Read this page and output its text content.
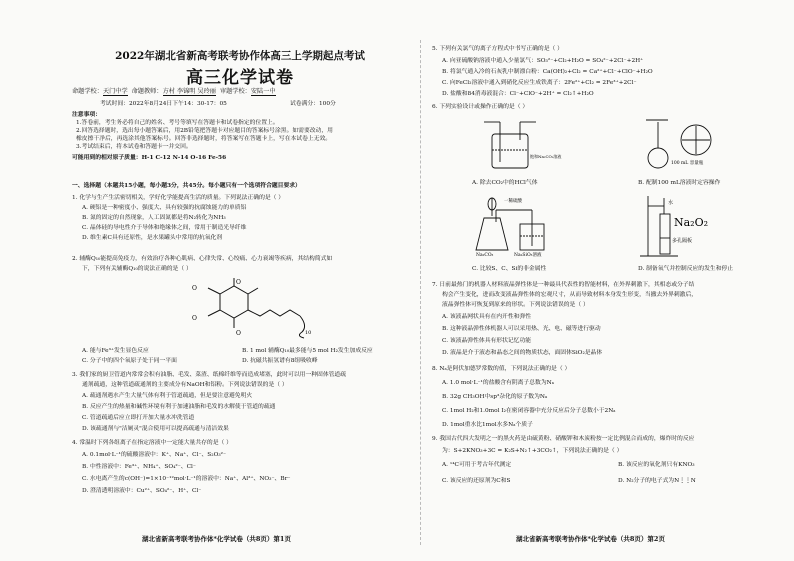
2022年湖北省新高考联考协作体高三上学期起点考试
高三化学试卷
命题学校：天门中学 命题教师：方村 李锦明 吴玲丽 审题学校：安陆一中
考试时间：2022年8月24日下午14：30-17：05	试卷满分：100分
注意事项：
1.答卷前，考生务必将自己的姓名、考号等填写在答题卡和试卷指定的位置上。
2.回答选择题时，选出每小题答案后，用2B铅笔把答题卡对应题目的答案标号涂黑。如需要改动，用
橡皮擦干净后，再选涂其他答案标号。回答非选择题时，将答案写在答题卡上，写在本试卷上无效。
3.考试结束后，将本试卷和答题卡一并交回。
可能用到的相对原子质量：H-1 C-12 N-14 O-16 Fe-56
一、选择题（本题共15小题，每小题3分，共45分。每小题只有一个选项符合题目要求）
1. 化学与生产生活密切相关，学好化学能提高生活的质量。下列说法正确的是（ ）
A. 硬铝是一种密度小、强度大、具有较强的抗腐蚀能力的单质铝
B. 氮的固定的自然现象，人工固氮都是将N₂转化为NH₃
C. 晶体硅的导电性介于导体和绝缘体之间，常用于制造光导纤维
D. 维生素C具有还原性，是水果罐头中常用的抗氧化剂
2. 辅酶Q₁₀能提高免疫力，有效治疗各种心肌病、心律失常、心绞痛、心力衰竭等疾病，其结构简式如
下，下列有关辅酶Q₁₀的说法正确的是（ ）
O
O
O
O
10
A. 能与Fe³⁺发生显色反应	B. 1 mol 辅酶Q₁₀最多能与5 mol H₂发生加成反应
C. 分子中的四个氧原子处于同一平面	D. 抗磁共振氢谱有8组吸收峰
3. 我们家的厨卫管道内常常会积有油脂、毛发、菜渣、纸棉纤维等而造成堵塞，此时可以用一种固体管道疏
通剂疏通，这种管道疏通剂的主要成分有NaOH和铝粉。下列说法错误的是（ ）
A. 疏通剂遇水产生大量气体有利于管道疏通，但是要注意避免明火
B. 反应产生的热量和碱性环境有利于加速油脂和毛发的水解使于管道的疏通
C. 管道疏通后应立即打开加大量水冲洗管道
D. 该疏通剂与"洁厕灵"混合使用可以提高疏通与清洁效果
4. 常温时下列各组离子在指定溶液中一定能大量共存的是（ ）
A. 0.1mol·L⁻¹的硫酸溶液中：K⁺、Na⁺、Cl⁻、S₂O₃²⁻
B. 中性溶液中：Fe³⁺、NH₄⁺、SO₄²⁻、Cl⁻
C. 水电离产生的c(OH⁻)=1×10⁻¹²mol·L⁻¹的溶液中：Na⁺、Al³⁺、NO₃⁻、Br⁻
D. 澄清透明溶液中：Cu²⁺、SO₄²⁻、H⁺、Cl⁻
湖北省新高考联考协作体*化学试卷（共8页）第1页
5. 下列有关氯气的离子方程式中书写正确的是（ ）
A. 向亚硫酸钠溶液中通入少量氯气：SO₃²⁻+Cl₂+H₂O = SO₄²⁻+2Cl⁻+2H⁺
B. 将氯气通入冷的石灰乳中制漂白粉：Ca(OH)₂+Cl₂ = Ca²⁺+Cl⁻+ClO⁻+H₂O
C. 向FeCl₂溶液中通入到硝化反应生成铁离子：2Fe²⁺+Cl₂ = 2Fe³⁺+2Cl⁻
D. 盐酸和84消毒液混合：Cl⁻+ClO⁻+2H⁺ = Cl₂↑+H₂O
6. 下列实验设计或操作正确的是（ ）
饱和Na₂CO₃溶液
100 mL 容量瓶
A. 除去CO₂中的HCl气体	B. 配制100 mL溶液时定容操作
一稀硫酸
Na₂CO₃	Na₂SiO₃溶液
水
Na₂O₂
多孔隔板
C. 比较S、C、Si的非金属性	D. 制备氧气并控制反应的发生和停止
7. 日前最热门的机器人材料液晶弹性体是一种最具代表性的智能材料，在外界刺激下，其相态或分子结
构会产生变化，进而改变液晶弹性体的宏观尺寸，从而导致材料本身发生形变，当撤去外界刺激后，
液晶弹性体可恢复到原来的形状。下列说法错误的是（ ）
A. 该液晶网状具有在内开性和弹性
B. 这种液晶弹性体机器人可以采用热、光、电、磁等进行驱动
C. 该液晶弹性体具有形状记忆功能
D. 液晶是介于液态和晶态之间的物质状态，面固体SiO₂是晶体
8. Nₐ是阿伏加德罗常数的值，下列说法正确的是（ ）
A. 1.0 mol·L⁻¹的盐酸含有阴离子总数为Nₐ
B. 32g CH₃OH中sp³杂化的原子数为Nₐ
C. 1mol H₂和1.0mol I₂在密闭容器中充分反应后分子总数小于2Nₐ
D. 1mol重水比1mol水多Nₐ个质子
9. 我国古代四大发明之一的黑火药是由硫黄粉、硝酸钾和木炭粉按一定比例混合而成的，爆炸时的反应
为：S+2KNO₃+3C = K₂S+N₂↑+3CO₂↑，下列说法正确的是（ ）
A. ¹⁴C可用于考古年代测定	B. 该反应的氧化剂只有KNO₃
C. 该反应的还原剂为C和S	D. N₂分子的电子式为N⋮⋮N
湖北省新高考联考协作体*化学试卷（共8页）第2页
